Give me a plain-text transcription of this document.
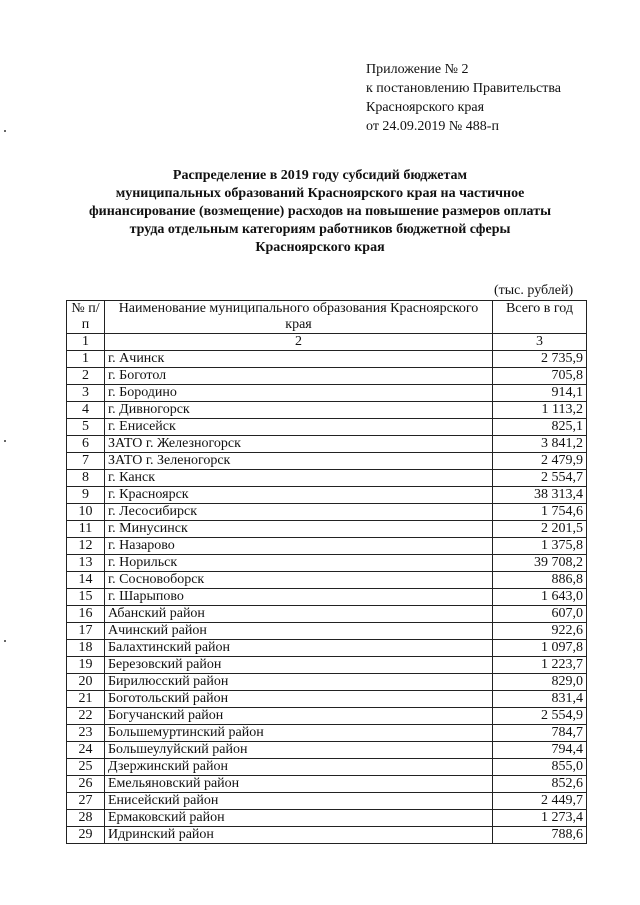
Приложение № 2
к постановлению Правительства
Красноярского края
от 24.09.2019 № 488-п
Распределение в 2019 году субсидий бюджетам
муниципальных образований Красноярского края на частичное
финансирование (возмещение) расходов на повышение размеров оплаты
труда отдельным категориям работников бюджетной сферы
Красноярского края
(тыс. рублей)
№ п/п	Наименование муниципального образования Красноярского края	Всего в год
1	2	3
1	г. Ачинск	2 735,9
2	г. Боготол	705,8
3	г. Бородино	914,1
4	г. Дивногорск	1 113,2
5	г. Енисейск	825,1
6	ЗАТО г. Железногорск	3 841,2
7	ЗАТО г. Зеленогорск	2 479,9
8	г. Канск	2 554,7
9	г. Красноярск	38 313,4
10	г. Лесосибирск	1 754,6
11	г. Минусинск	2 201,5
12	г. Назарово	1 375,8
13	г. Норильск	39 708,2
14	г. Сосновоборск	886,8
15	г. Шарыпово	1 643,0
16	Абанский район	607,0
17	Ачинский район	922,6
18	Балахтинский район	1 097,8
19	Березовский район	1 223,7
20	Бирилюсский район	829,0
21	Боготольский район	831,4
22	Богучанский район	2 554,9
23	Большемуртинский район	784,7
24	Большеулуйский район	794,4
25	Дзержинский район	855,0
26	Емельяновский район	852,6
27	Енисейский район	2 449,7
28	Ермаковский район	1 273,4
29	Идринский район	788,6
